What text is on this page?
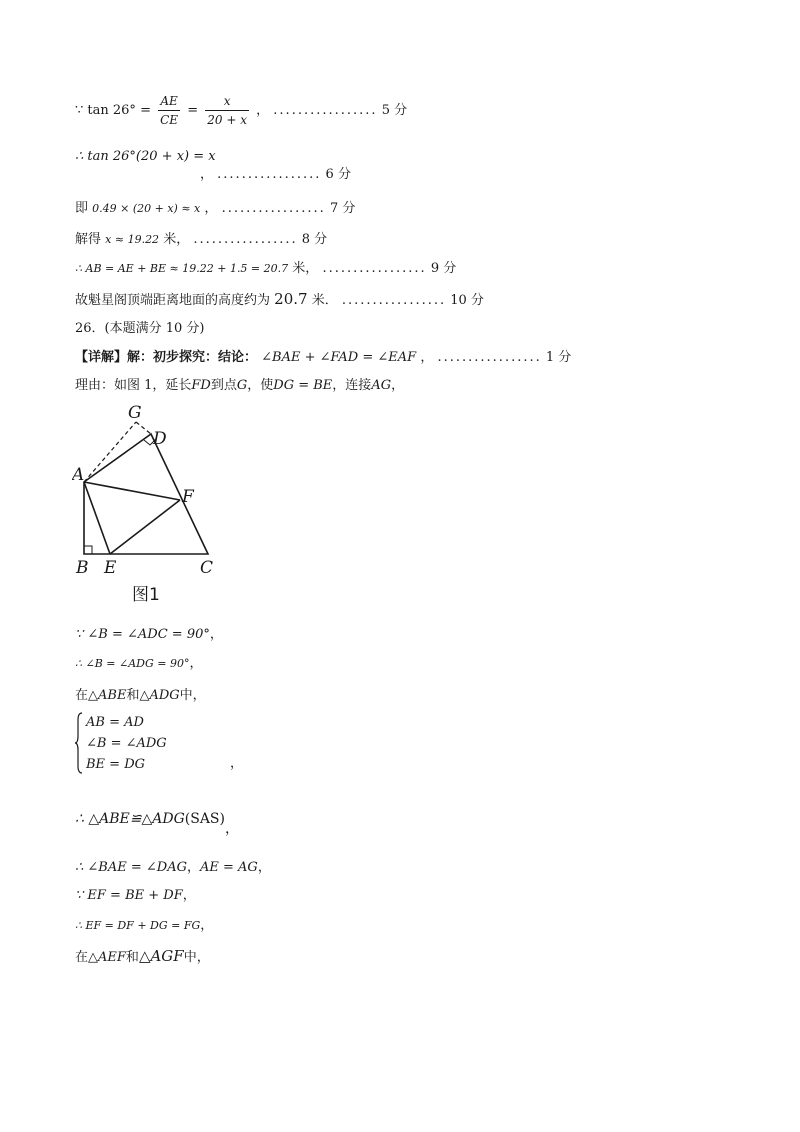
∵ $\tan 26^\circ = \frac{AE}{CE} = \frac{x}{20 + x}$ ， ................. 5 分
∴ tan 26°(20 + x) = x
， ................. 6 分
即 0.49 × (20 + x) ≈ x ， ................. 7 分
解得 x ≈ 19.22 米， ................. 8 分
∴ AB = AE + BE ≈ 19.22 + 1.5 = 20.7 米， ................. 9 分
故魁星阁顶端距离地面的高度约为 20.7 米． ................. 10 分
26．(本题满分 10 分)
【详解】解：初步探究：结论： ∠BAE + ∠FAD = ∠EAF ， ................. 1 分
理由：如图 1，延长FD到点G，使DG = BE，连接AG，
G
D
A
F
B E	C
图1
∵ ∠B = ∠ADC = 90°，
∴ ∠B = ∠ADG = 90°，
在△ABE和△ADG中，
AB = AD
∠B = ∠ADG
BE = DG	，
∴ △ABE≌△ADG(SAS)，
∴ ∠BAE = ∠DAG，AE = AG，
∵ EF = BE + DF，
∴ EF = DF + DG = FG，
在△AEF和△AGF中，
